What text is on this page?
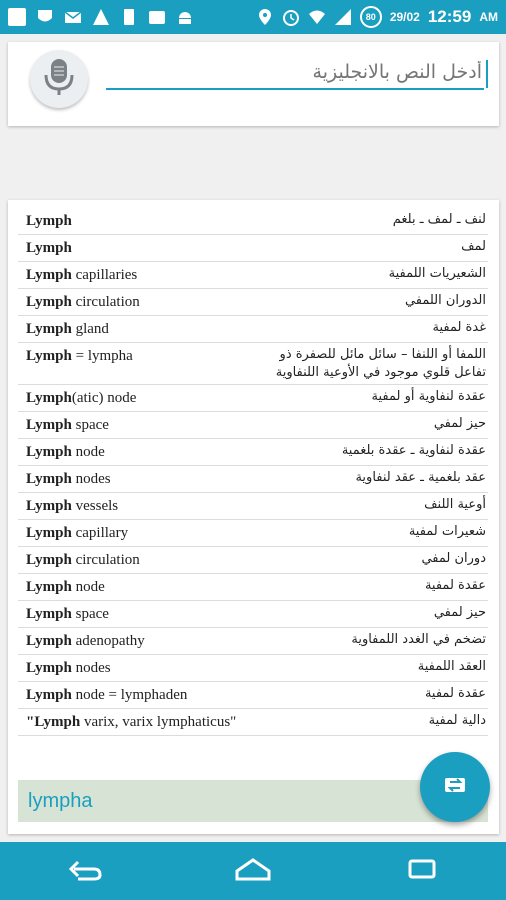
80	29/02 12:59 AM
أدخل النص بالانجليزية
Lymph	لنف ـ لمف ـ بلغم
Lymph	لمف
Lymph capillaries	الشعيريات اللمفية
Lymph circulation	الدوران اللمفي
Lymph gland	غدة لمفية
Lymph = lympha	اللمفا أو اللنفا – سائل مائل للصفرة ذو تفاعل قلوي موجود في الأوعية اللنفاوية
Lymph(atic) node	عقدة لنفاوية أو لمفية
Lymph space	حيز لمفي
Lymph node	عقدة لنفاوية ـ عقدة بلغمية
Lymph nodes	عقد بلغمية ـ عقد لنفاوية
Lymph vessels	أوعية اللنف
Lymph capillary	شعيرات لمفية
Lymph circulation	دوران لمفي
Lymph node	عقدة لمفية
Lymph space	حيز لمفي
Lymph adenopathy	تضخم في الغدد اللمفاوية
Lymph nodes	العقد اللمفية
Lymph node = lymphaden	عقدة لمفية
"Lymph varix, varix lymphaticus"	دالية لمفية
lympha
